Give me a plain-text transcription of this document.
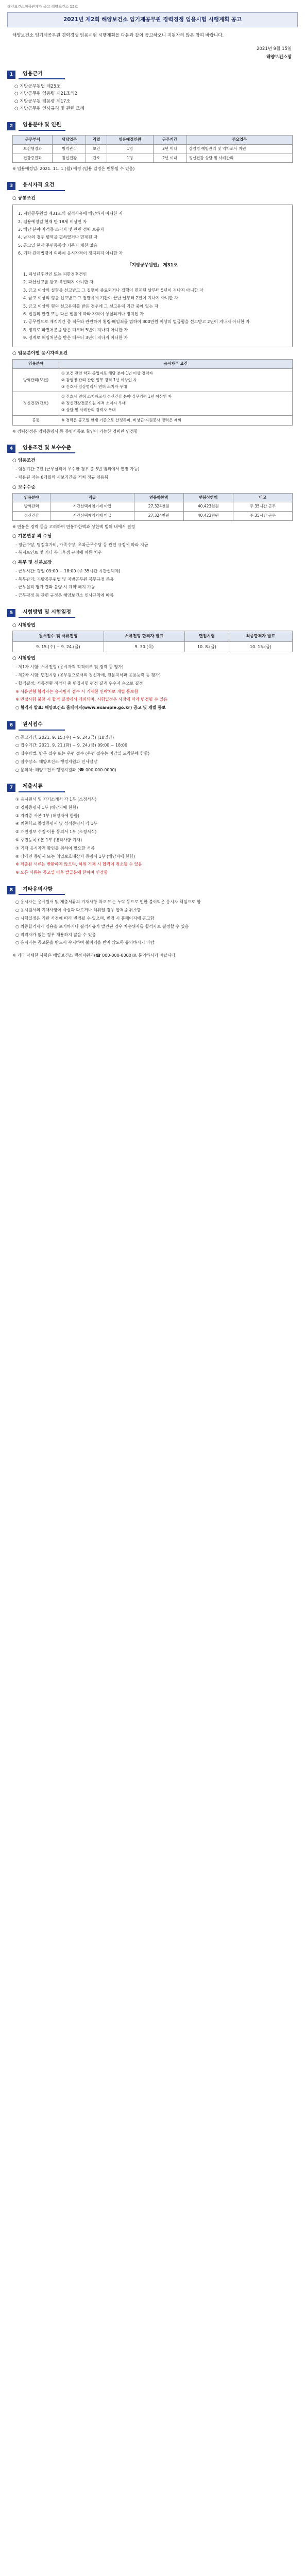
해양보건소청하관계자 공고 해양보건소 15호
2021년 제2회 해양보건소 임기제공무원 경력경쟁 임용시험 시행계획 공고

해양보건소 임기제공무원 경력경쟁 임용시험 시행계획을 다음과 같이 공고하오니 지원자의 많은 참여 바랍니다.

2021년 9월 15일
해양보건소장
1	임용근거
○ 지방공무원법 제25조
○ 지방공무원 임용령 제21조의2
○ 지방공무원 임용령 제17조
○ 지방공무원 인사규칙 및 관련 조례
2	임용분야 및 인원
근무부서	담당업무	직렬	임용예정인원	근무기간	주요업무
보건행정과	방역관리	보건	1명	2년 이내	감염병 예방관리 및 역학조사 지원
건강증진과	정신건강	간호	1명	2년 이내	정신건강 상담 및 사례관리

※ 임용예정일: 2021. 11. 1.(월) 예정 (임용 일정은 변동될 수 있음)

3	응시자격 요건
○ 공통조건
1. 지방공무원법 제31조의 결격사유에 해당하지 아니한 자
2. 임용예정일 현재 만 18세 이상인 자
3. 해당 분야 자격증 소지자 및 관련 경력 보유자
4. 남자의 경우 병역을 필하였거나 면제된 자
5. 공고일 현재 주민등록상 거주지 제한 없음
6. 기타 관계법령에 의하여 응시자격이 정지되지 아니한 자
「지방공무원법」 제31조
1. 피성년후견인 또는 피한정후견인
2. 파산선고를 받고 복권되지 아니한 자
3. 금고 이상의 실형을 선고받고 그 집행이 종료되거나 집행이 면제된 날부터 5년이 지나지 아니한 자
4. 금고 이상의 형을 선고받고 그 집행유예 기간이 끝난 날부터 2년이 지나지 아니한 자
5. 금고 이상의 형의 선고유예를 받은 경우에 그 선고유예 기간 중에 있는 자
6. 법원의 판결 또는 다른 법률에 따라 자격이 상실되거나 정지된 자
7. 공무원으로 재직기간 중 직무와 관련하여 횡령·배임죄를 범하여 300만원 이상의 벌금형을 선고받고 2년이 지나지 아니한 자
8. 징계로 파면처분을 받은 때부터 5년이 지나지 아니한 자
9. 징계로 해임처분을 받은 때부터 3년이 지나지 아니한 자
○ 임용분야별 응시자격요건
임용분야	응시자격 요건
방역관리(보건)	① 보건 관련 학과 졸업자로 해당 분야 1년 이상 경력자
② 감염병 관리 관련 업무 경력 1년 이상인 자
③ 간호사·임상병리사 면허 소지자 우대
정신건강(간호)	① 간호사 면허 소지자로서 정신건강 분야 실무경력 1년 이상인 자
② 정신건강전문요원 자격 소지자 우대
③ 상담 및 사례관리 경력자 우대
공통	※ 경력은 공고일 현재 기준으로 산정하며, 비상근·자원봉사 경력은 제외

※ 경력산정은 경력증명서 등 증빙서류로 확인이 가능한 경력만 인정함

4	임용조건 및 보수수준
○ 임용조건

- 임용기간: 2년 (근무실적이 우수한 경우 총 5년 범위에서 연장 가능)

- 채용된 자는 6개월의 시보기간을 거쳐 정규 임용됨

○ 보수수준
임용분야	직급	연봉하한액	연봉상한액	비고
방역관리	시간선택제임기제 마급	27,324천원	40,423천원	주 35시간 근무
정신건강	시간선택제임기제 마급	27,324천원	40,423천원	주 35시간 근무

※ 연봉은 경력 등을 고려하여 연봉하한액과 상한액 범위 내에서 결정

○ 기본연봉 외 수당

- 정근수당, 명절휴가비, 가족수당, 초과근무수당 등 관련 규정에 따라 지급

- 복지포인트 및 기타 복리후생 규정에 따른 처우

○ 복무 및 신분보장

- 근무시간: 평일 09:00 ~ 18:00 (주 35시간 시간선택제)

- 복무관리: 지방공무원법 및 지방공무원 복무규정 준용

- 근무실적 평가 결과 불량 시 계약 해지 가능

- 근무평정 등 관련 규정은 해양보건소 인사규칙에 따름

5	시험방법 및 시험일정
○ 시험방법
원서접수 및 서류전형	서류전형 합격자 발표	면접시험	최종합격자 발표
9. 15.(수) ~ 9. 24.(금)	9. 30.(목)	10. 8.(금)	10. 15.(금)
○ 시험방법

- 제1차 시험: 서류전형 (응시자격 적격여부 및 경력 등 평가)

- 제2차 시험: 면접시험 (공무원으로서의 정신자세, 전문지식과 응용능력 등 평가)

- 합격결정: 서류전형 적격자 중 면접시험 평정 결과 우수자 순으로 결정

※ 서류전형 합격자는 응시원서 접수 시 기재한 연락처로 개별 통보함

※ 면접시험 불참 시 합격 결정에서 제외되며, 시험일정은 사정에 따라 변경될 수 있음

○ 합격자 발표: 해양보건소 홈페이지(www.example.go.kr) 공고 및 개별 통보

6	원서접수

○ 공고기간: 2021. 9. 15.(수) ~ 9. 24.(금) (10일간)

○ 접수기간: 2021. 9. 21.(화) ~ 9. 24.(금) 09:00 ~ 18:00

○ 접수방법: 방문 접수 또는 우편 접수 (우편 접수는 마감일 도착분에 한함)

○ 접수장소: 해양보건소 행정지원과 인사담당

○ 문의처: 해양보건소 행정지원과 (☎ 000-000-0000)

7	제출서류

① 응시원서 및 자기소개서 각 1부 (소정서식)

② 경력증명서 1부 (해당자에 한함)

③ 자격증 사본 1부 (해당자에 한함)

④ 최종학교 졸업증명서 및 성적증명서 각 1부

⑤ 개인정보 수집·이용 동의서 1부 (소정서식)

⑥ 주민등록초본 1부 (병적사항 기재)

⑦ 기타 응시자격 확인을 위하여 필요한 서류

⑧ 장애인 증명서 또는 취업보호대상자 증명서 1부 (해당자에 한함)

※ 제출된 서류는 반환하지 않으며, 허위 기재 시 합격이 취소될 수 있음

※ 모든 서류는 공고일 이후 발급분에 한하여 인정함

8	기타유의사항

○ 응시자는 응시원서 및 제출서류의 기재사항 착오 또는 누락 등으로 인한 불이익은 응시자 책임으로 함

○ 응시원서의 기재사항이 사실과 다르거나 허위일 경우 합격을 취소함

○ 시험일정은 기관 사정에 따라 변경될 수 있으며, 변경 시 홈페이지에 공고함

○ 최종합격자가 임용을 포기하거나 결격사유가 발견된 경우 차순위자를 합격자로 결정할 수 있음

○ 적격자가 없는 경우 채용하지 않을 수 있음

○ 응시자는 공고문을 반드시 숙지하여 불이익을 받지 않도록 유의하시기 바람

※ 기타 자세한 사항은 해양보건소 행정지원과(☎ 000-000-0000)로 문의하시기 바랍니다.
